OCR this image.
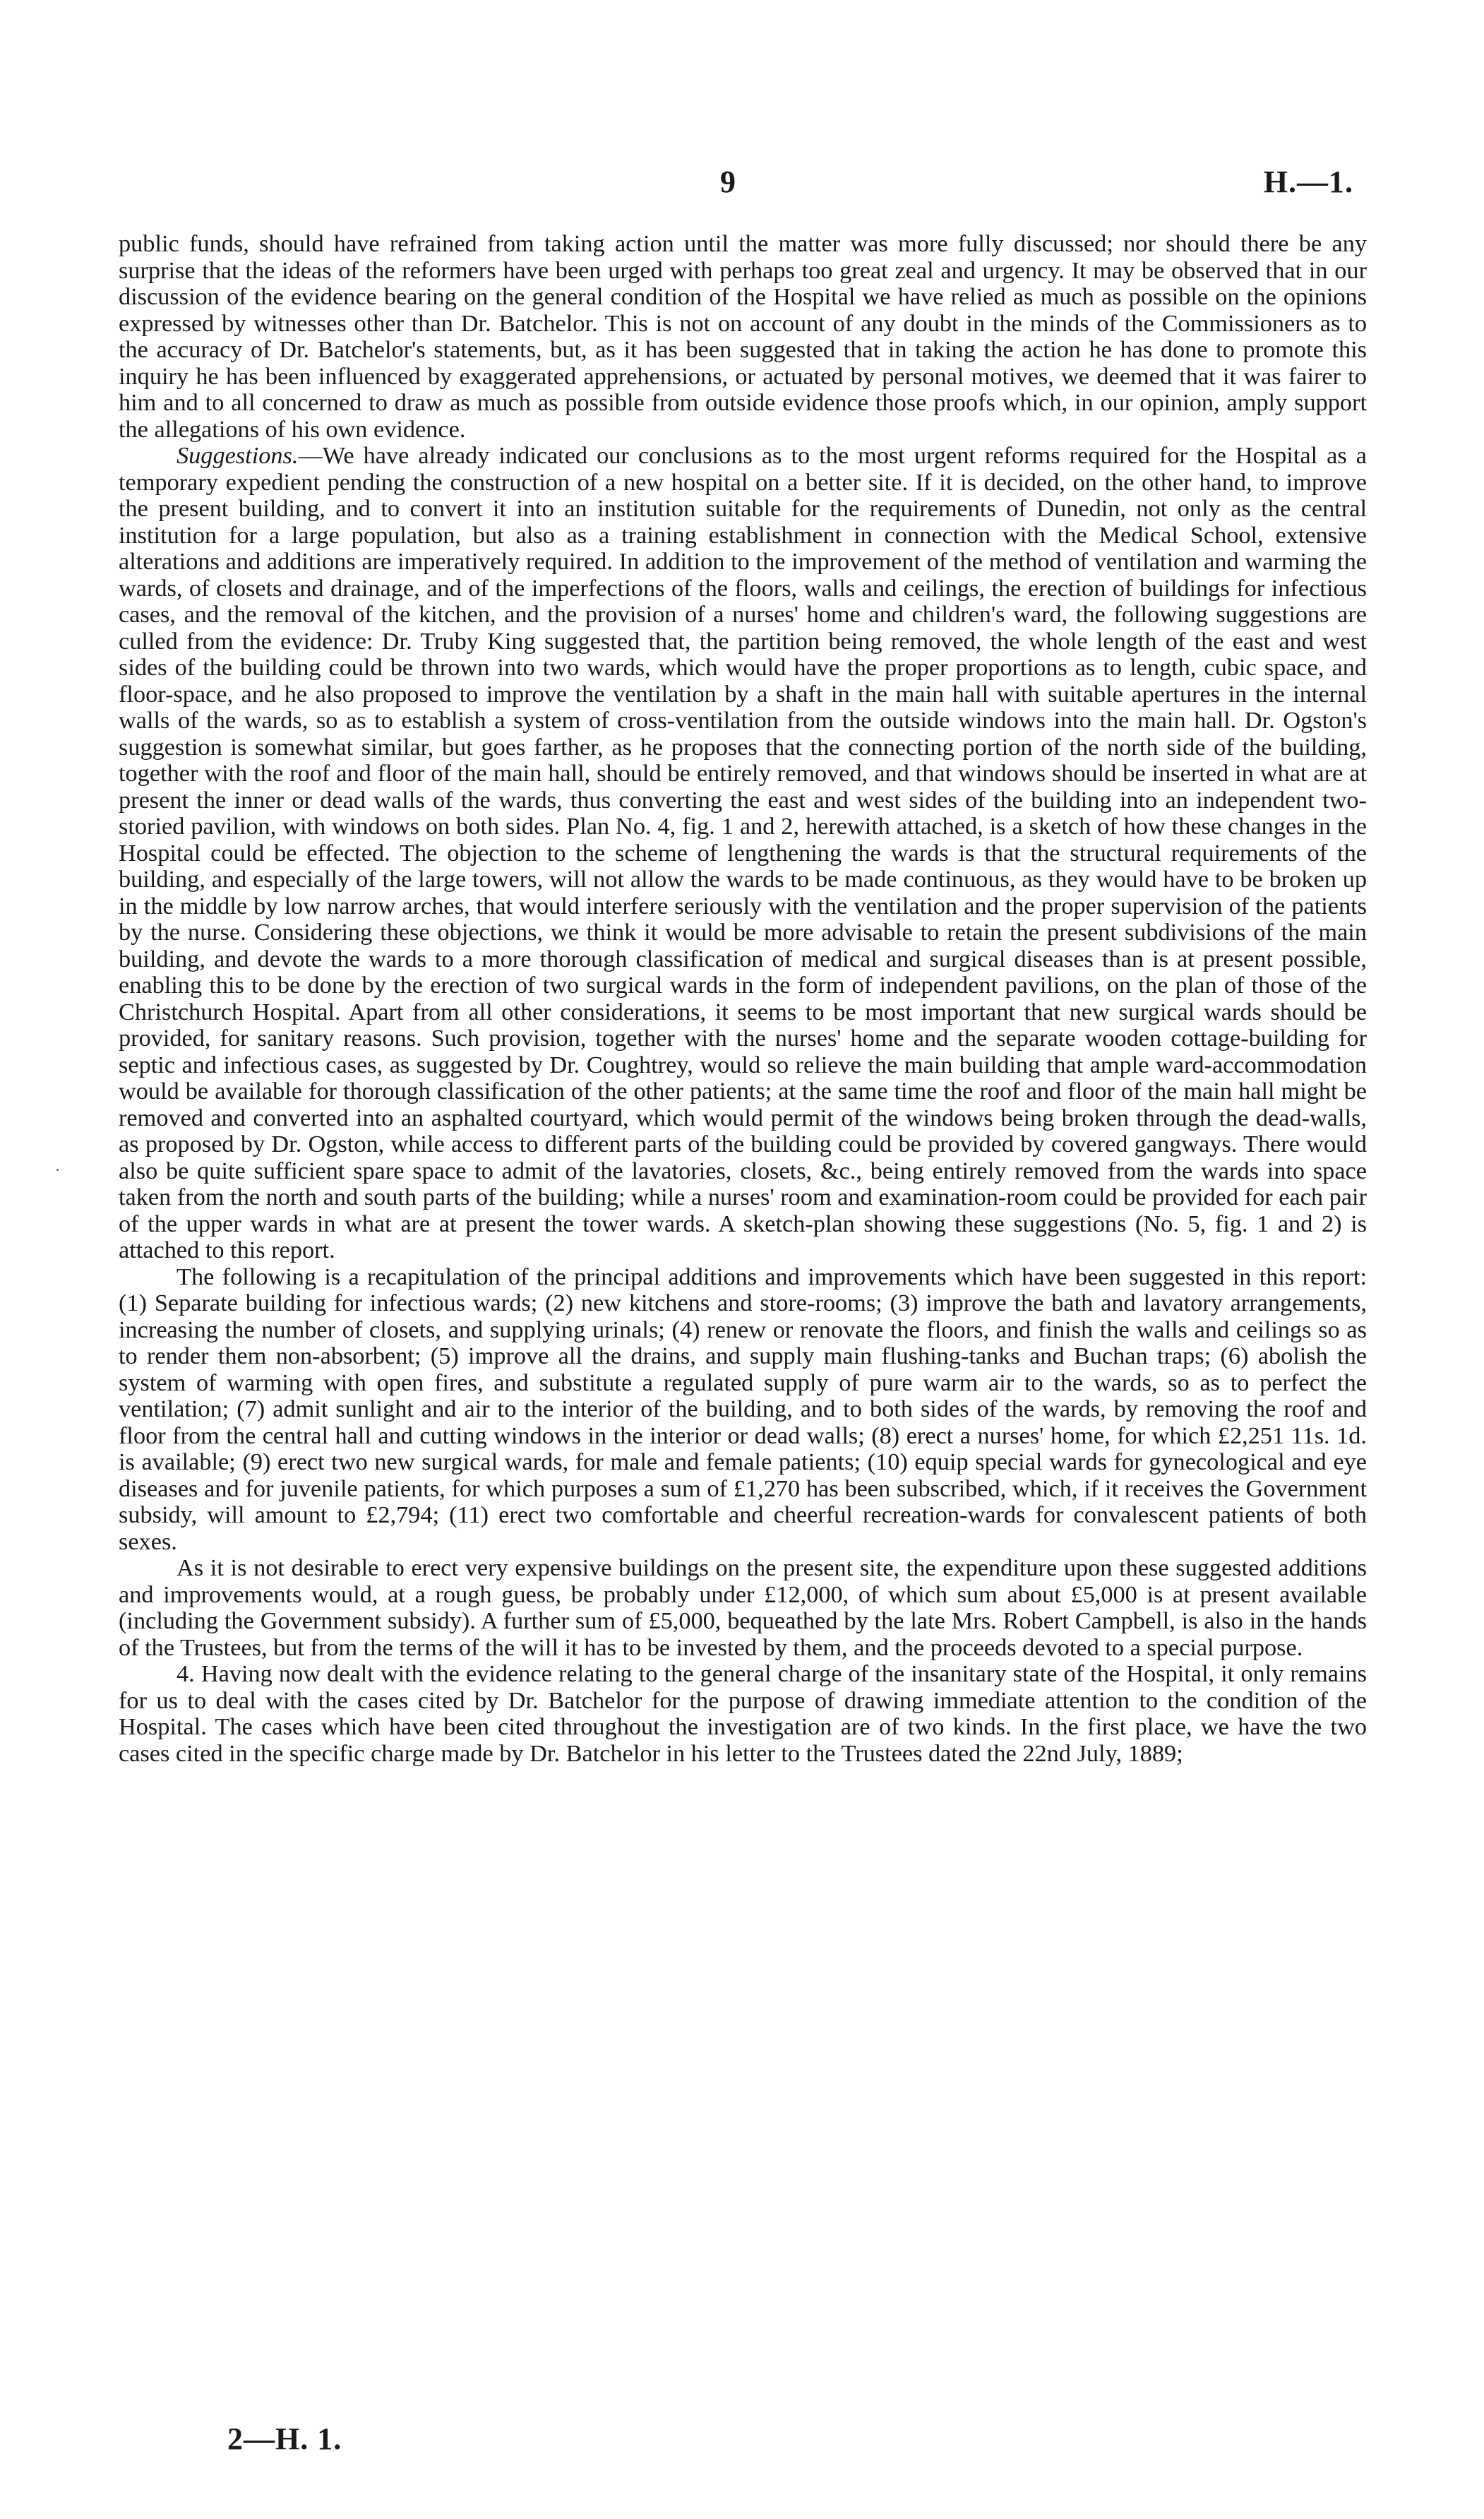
9	H.—1.

public funds, should have refrained from taking action until the matter was more fully discussed; nor should there be any surprise that the ideas of the reformers have been urged with perhaps too great zeal and urgency. It may be observed that in our discussion of the evidence bearing on the general condition of the Hospital we have relied as much as possible on the opinions expressed by witnesses other than Dr. Batchelor. This is not on account of any doubt in the minds of the Commissioners as to the accuracy of Dr. Batchelor's statements, but, as it has been suggested that in taking the action he has done to promote this inquiry he has been influenced by exaggerated apprehensions, or actuated by personal motives, we deemed that it was fairer to him and to all concerned to draw as much as possible from outside evidence those proofs which, in our opinion, amply support the allegations of his own evidence.

Suggestions.—We have already indicated our conclusions as to the most urgent reforms required for the Hospital as a temporary expedient pending the construction of a new hospital on a better site. If it is decided, on the other hand, to improve the present building, and to convert it into an institution suitable for the requirements of Dunedin, not only as the central institution for a large population, but also as a training establishment in connection with the Medical School, extensive alterations and additions are imperatively required. In addition to the improvement of the method of ventilation and warming the wards, of closets and drainage, and of the imperfections of the floors, walls and ceilings, the erection of buildings for infectious cases, and the removal of the kitchen, and the provision of a nurses' home and children's ward, the following suggestions are culled from the evidence: Dr. Truby King suggested that, the partition being removed, the whole length of the east and west sides of the building could be thrown into two wards, which would have the proper proportions as to length, cubic space, and floor-space, and he also proposed to improve the ventilation by a shaft in the main hall with suitable apertures in the internal walls of the wards, so as to establish a system of cross-ventilation from the outside windows into the main hall. Dr. Ogston's suggestion is somewhat similar, but goes farther, as he proposes that the connecting portion of the north side of the building, together with the roof and floor of the main hall, should be entirely removed, and that windows should be inserted in what are at present the inner or dead walls of the wards, thus converting the east and west sides of the building into an independent two-storied pavilion, with windows on both sides. Plan No. 4, fig. 1 and 2, herewith attached, is a sketch of how these changes in the Hospital could be effected. The objection to the scheme of lengthening the wards is that the structural requirements of the building, and especially of the large towers, will not allow the wards to be made continuous, as they would have to be broken up in the middle by low narrow arches, that would interfere seriously with the ventilation and the proper supervision of the patients by the nurse. Considering these objections, we think it would be more advisable to retain the present subdivisions of the main building, and devote the wards to a more thorough classification of medical and surgical diseases than is at present possible, enabling this to be done by the erection of two surgical wards in the form of independent pavilions, on the plan of those of the Christchurch Hospital. Apart from all other considerations, it seems to be most important that new surgical wards should be provided, for sanitary reasons. Such provision, together with the nurses' home and the separate wooden cottage-building for septic and infectious cases, as suggested by Dr. Coughtrey, would so relieve the main building that ample ward-accommodation would be available for thorough classification of the other patients; at the same time the roof and floor of the main hall might be removed and converted into an asphalted courtyard, which would permit of the windows being broken through the dead-walls, as proposed by Dr. Ogston, while access to different parts of the building could be provided by covered gangways. There would also be quite sufficient spare space to admit of the lavatories, closets, &c., being entirely removed from the wards into space taken from the north and south parts of the building; while a nurses' room and examination-room could be provided for each pair of the upper wards in what are at present the tower wards. A sketch-plan showing these suggestions (No. 5, fig. 1 and 2) is attached to this report.

The following is a recapitulation of the principal additions and improvements which have been suggested in this report: (1) Separate building for infectious wards; (2) new kitchens and store-rooms; (3) improve the bath and lavatory arrangements, increasing the number of closets, and supplying urinals; (4) renew or renovate the floors, and finish the walls and ceilings so as to render them non-absorbent; (5) improve all the drains, and supply main flushing-tanks and Buchan traps; (6) abolish the system of warming with open fires, and substitute a regulated supply of pure warm air to the wards, so as to perfect the ventilation; (7) admit sunlight and air to the interior of the building, and to both sides of the wards, by removing the roof and floor from the central hall and cutting windows in the interior or dead walls; (8) erect a nurses' home, for which £2,251 11s. 1d. is available; (9) erect two new surgical wards, for male and female patients; (10) equip special wards for gynecological and eye diseases and for juvenile patients, for which purposes a sum of £1,270 has been subscribed, which, if it receives the Government subsidy, will amount to £2,794; (11) erect two comfortable and cheerful recreation-wards for convalescent patients of both sexes.

As it is not desirable to erect very expensive buildings on the present site, the expenditure upon these suggested additions and improvements would, at a rough guess, be probably under £12,000, of which sum about £5,000 is at present available (including the Government subsidy). A further sum of £5,000, bequeathed by the late Mrs. Robert Campbell, is also in the hands of the Trustees, but from the terms of the will it has to be invested by them, and the proceeds devoted to a special purpose.

4. Having now dealt with the evidence relating to the general charge of the insanitary state of the Hospital, it only remains for us to deal with the cases cited by Dr. Batchelor for the purpose of drawing immediate attention to the condition of the Hospital. The cases which have been cited throughout the investigation are of two kinds. In the first place, we have the two cases cited in the specific charge made by Dr. Batchelor in his letter to the Trustees dated the 22nd July, 1889;

2—H. 1.
